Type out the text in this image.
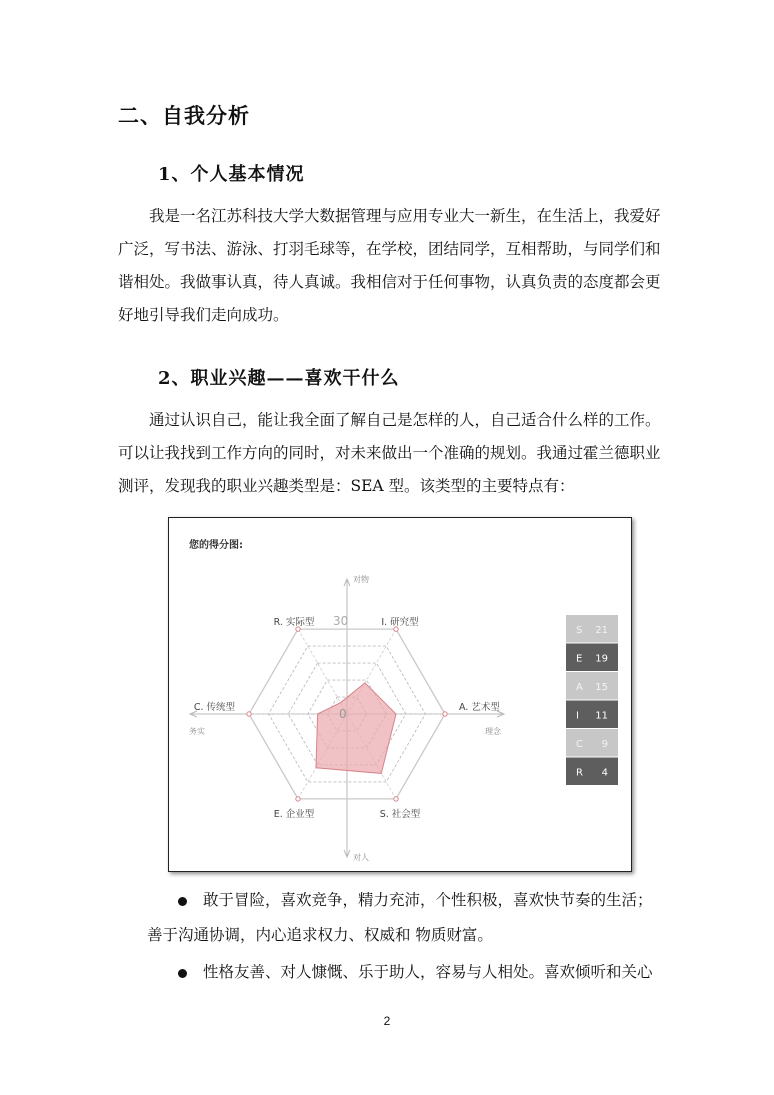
二、自我分析
1、个人基本情况
我是一名江苏科技大学大数据管理与应用专业大一新生，在生活上，我爱好
广泛，写书法、游泳、打羽毛球等，在学校，团结同学，互相帮助，与同学们和
谐相处。我做事认真，待人真诚。我相信对于任何事物，认真负责的态度都会更
好地引导我们走向成功。
2、职业兴趣——喜欢干什么
通过认识自己，能让我全面了解自己是怎样的人，自己适合什么样的工作。
可以让我找到工作方向的同时，对未来做出一个准确的规划。我通过霍兰德职业
测评，发现我的职业兴趣类型是：SEA 型。该类型的主要特点有：
您的得分图:
30
0
R. 实际型	I. 研究型
A. 艺术型
S. 社会型
E. 企业型
C. 传统型
对物
对人
务实	理念
S 21
E 19
A 15
I 11
C 9
R 4
敢于冒险，喜欢竞争，精力充沛，个性积极，喜欢快节奏的生活；
善于沟通协调，内心追求权力、权威和 物质财富。
性格友善、对人慷慨、乐于助人，容易与人相处。喜欢倾听和关心
2
